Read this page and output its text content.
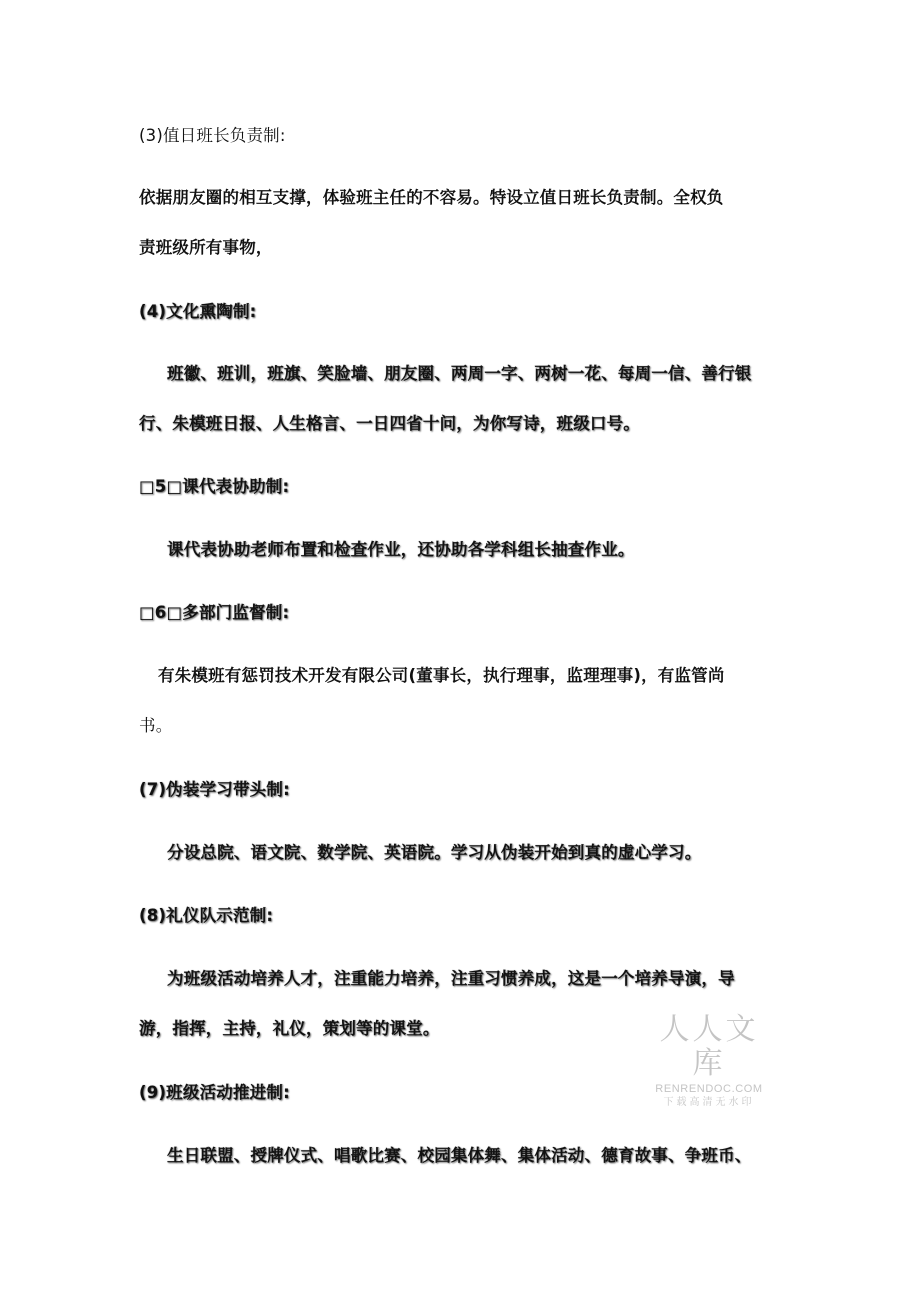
(3)值日班长负责制:
依据朋友圈的相互支撑，体验班主任的不容易。特设立值日班长负责制。全权负
责班级所有事物，
(4)文化熏陶制:
班徽、班训，班旗、笑脸墙、朋友圈、两周一字、两树一花、每周一信、善行银
行、朱模班日报、人生格言、一日四省十问，为你写诗，班级口号。
□5□课代表协助制:
课代表协助老师布置和检查作业，还协助各学科组长抽查作业。
□6□多部门监督制:
有朱模班有惩罚技术开发有限公司(董事长，执行理事，监理理事)，有监管尚
书。
(7)伪装学习带头制:
分设总院、语文院、数学院、英语院。学习从伪装开始到真的虚心学习。
(8)礼仪队示范制:
为班级活动培养人才，注重能力培养，注重习惯养成，这是一个培养导演，导
游，指挥，主持，礼仪，策划等的课堂。
(9)班级活动推进制:
生日联盟、授牌仪式、唱歌比赛、校园集体舞、集体活动、德育故事、争班币、
人人文库
RENRENDOC.COM
下载高清无水印
